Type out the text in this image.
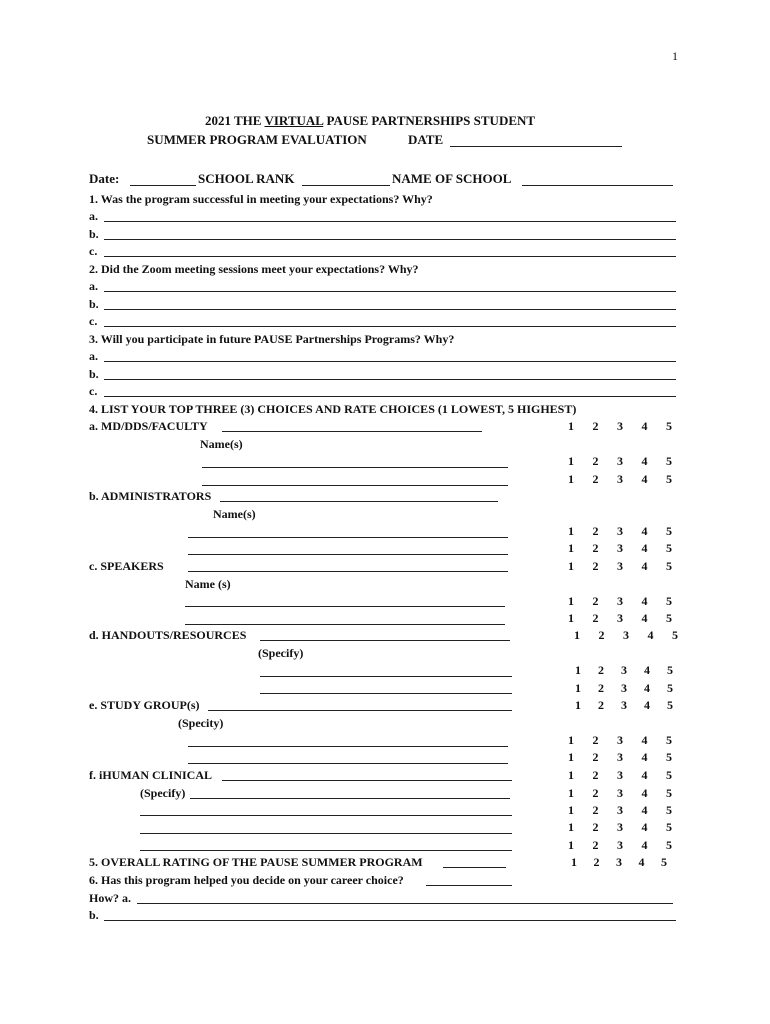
1
2021 THE VIRTUAL PAUSE PARTNERSHIPS STUDENT
SUMMER PROGRAM EVALUATION	DATE
Date:	SCHOOL RANK	NAME OF SCHOOL
1. Was the program successful in meeting your expectations? Why?
a.
b.
c.
2. Did the Zoom meeting sessions meet your expectations? Why?
a.
b.
c.
3. Will you participate in future PAUSE Partnerships Programs? Why?
a.
b.
c.
4. LIST YOUR TOP THREE (3) CHOICES AND RATE CHOICES (1 LOWEST, 5 HIGHEST)
a. MD/DDS/FACULTY	1 2 3 4 5
Name(s)
1 2 3 4 5
1 2 3 4 5
b. ADMINISTRATORS
Name(s)
1 2 3 4 5
1 2 3 4 5
c. SPEAKERS	1 2 3 4 5
Name (s)
1 2 3 4 5
1 2 3 4 5
d. HANDOUTS/RESOURCES	1 2 3 4 5
(Specify)
1 2 3 4 5
1 2 3 4 5
e. STUDY GROUP(s)	1 2 3 4 5
(Specity)
1 2 3 4 5
1 2 3 4 5
f. iHUMAN CLINICAL	1 2 3 4 5
(Specify)	1 2 3 4 5
1 2 3 4 5
1 2 3 4 5
1 2 3 4 5
5. OVERALL RATING OF THE PAUSE SUMMER PROGRAM	1 2 3 4 5
6. Has this program helped you decide on your career choice?
How? a.
b.
